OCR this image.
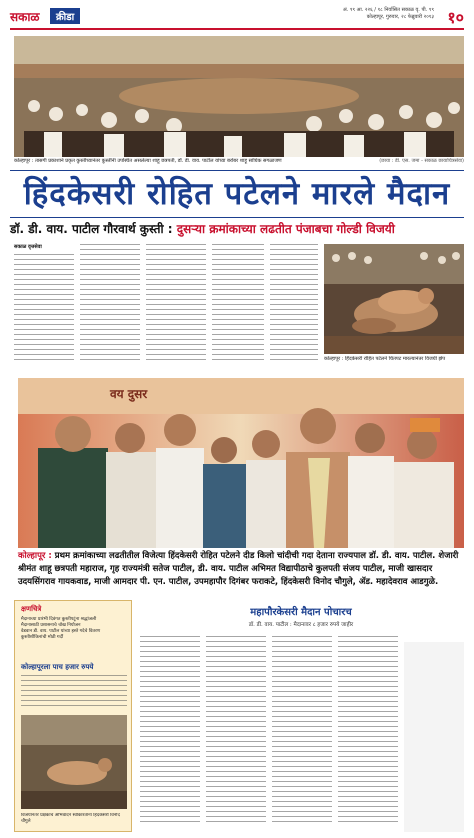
सकाळ	क्रीडा
अं. ९९ आ. २२६ / १८ निर्वासित सकाळ वृ. पी. ९९
कोल्हापूर, गुरुवार, २८ फेब्रुवारी २०१३ १०
कोल्हापूर : तासगी प्रकाशाने प्रकृत कुस्तीच्यानंतर कुस्तींनी उपस्थित असलेल्या शाहू छत्रपती, डॉ. डी. वाय. पाटील यांच्या बरोबर शाहू सांघिक सगळाजण	(छाया : डी. एस. जमा - सकाळ छायाचित्रसेवा)
हिंदकेसरी रोहित पटेलने मारले मैदान
डॉ. डी. वाय. पाटील गौरवार्थ कुस्ती : दुसऱ्या क्रमांकाच्या लढतीत पंजाबचा गोल्डी विजयी
सकाळ वृत्तसेवा
कोल्हापूर : हिंदकेसरी रोहित पटेलने चितपट मारल्यानंतर विजयी झेप
वय दुसर
कोल्हापूर : प्रथम क्रमांकाच्या लढतीतील विजेत्या हिंदकेसरी रोहित पटेलने दीड किलो चांदीची गदा देताना राज्यपाल डॉ. डी. वाय. पाटील. शेजारी श्रीमंत शाहू छत्रपती महाराज, गृह राज्यमंत्री सतेज पाटील, डी. वाय. पाटील अभिमत विद्यापीठाचे कुलपती संजय पाटील, माजी खासदार उदयसिंगराव गायकवाड, माजी आमदार पी. एन. पाटील, उपमहापौर दिगंबर फराकटे, हिंदकेसरी विनोद चौगुले, ॲड. महादेवराव आडगुळे.
क्षणचित्रे
मैदानाच्या प्रारंभी दिवंगत कुस्तीपटूंना श्रद्धांजली
मैदानासाठी प्रशासनाचे चोख नियोजन
वेडवान डी. वाय. पाटील यांच्या हस्ते गदेचे वितरण
कुस्तीशौकिनांची मोठी गर्दी
कोल्हापूरला पाच हजार रुपये
विजयानंतर प्रेक्षकांचे अभिवादन स्वीकारताना हिंदकेसरी विनोद चौगुले
महापौरकेसरी मैदान पोचारच
डॉ. डी. वाय. पाटील : मैदानावर ८ हजार रुपये जाहीर
